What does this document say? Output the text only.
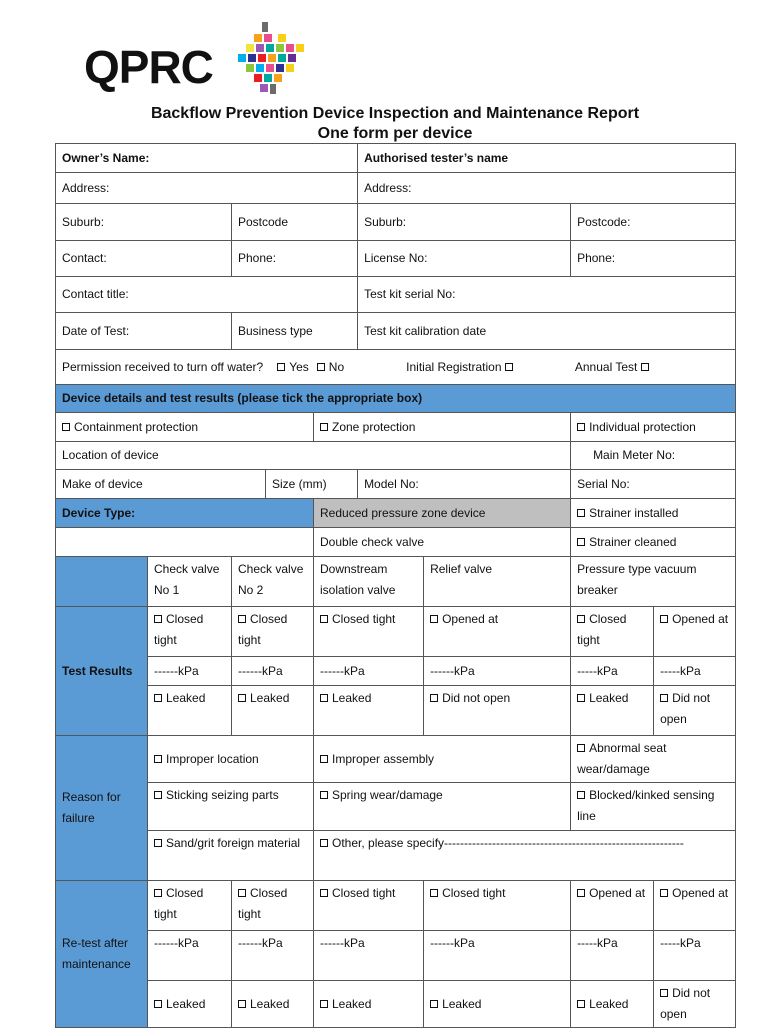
QPRC
Backflow Prevention Device Inspection and Maintenance Report
One form per device
Owner’s Name:					Authorised tester’s name			
Address:					Address:			
Suburb:		Postcode			Suburb:		Postcode:	
Contact:		Phone:			License No:		Phone:	
Contact title:					Test kit serial No:			
Date of Test:		Business type			Test kit calibration date			

Permission received to turn off water? Yes No Initial Registration Annual Test								

Device details and test results (please tick the appropriate box)								
Containment protection				Zone protection			Individual protection	
Location of device							Main Meter No:	
Make of device			Size (mm)		Model No:		Serial No:	
Device Type:				Reduced pressure zone device			Strainer installed	
				Double check valve			Strainer cleaned	
	Check valve No 1	Check valve No 2		Downstream isolation valve		Relief valve	Pressure type vacuum breaker	
Test Results	Closed tight	Closed tight		Closed tight		Opened at	Closed tight	Opened at
	------kPa	------kPa		------kPa		------kPa	-----kPa	-----kPa
	Leaked	Leaked		Leaked		Did not open	Leaked	Did not open
Reason for failure	Improper location			Improper assembly			Abnormal seat wear/damage	
	Sticking seizing parts			Spring wear/damage			Blocked/kinked sensing line	
	Sand/grit foreign material			Other, please specify------------------------------------------------------------				
Re-test after maintenance	Closed tight	Closed tight		Closed tight		Closed tight	Opened at	Opened at
	------kPa	------kPa		------kPa		------kPa	-----kPa	-----kPa
	Leaked	Leaked		Leaked		Leaked	Leaked	Did not open
